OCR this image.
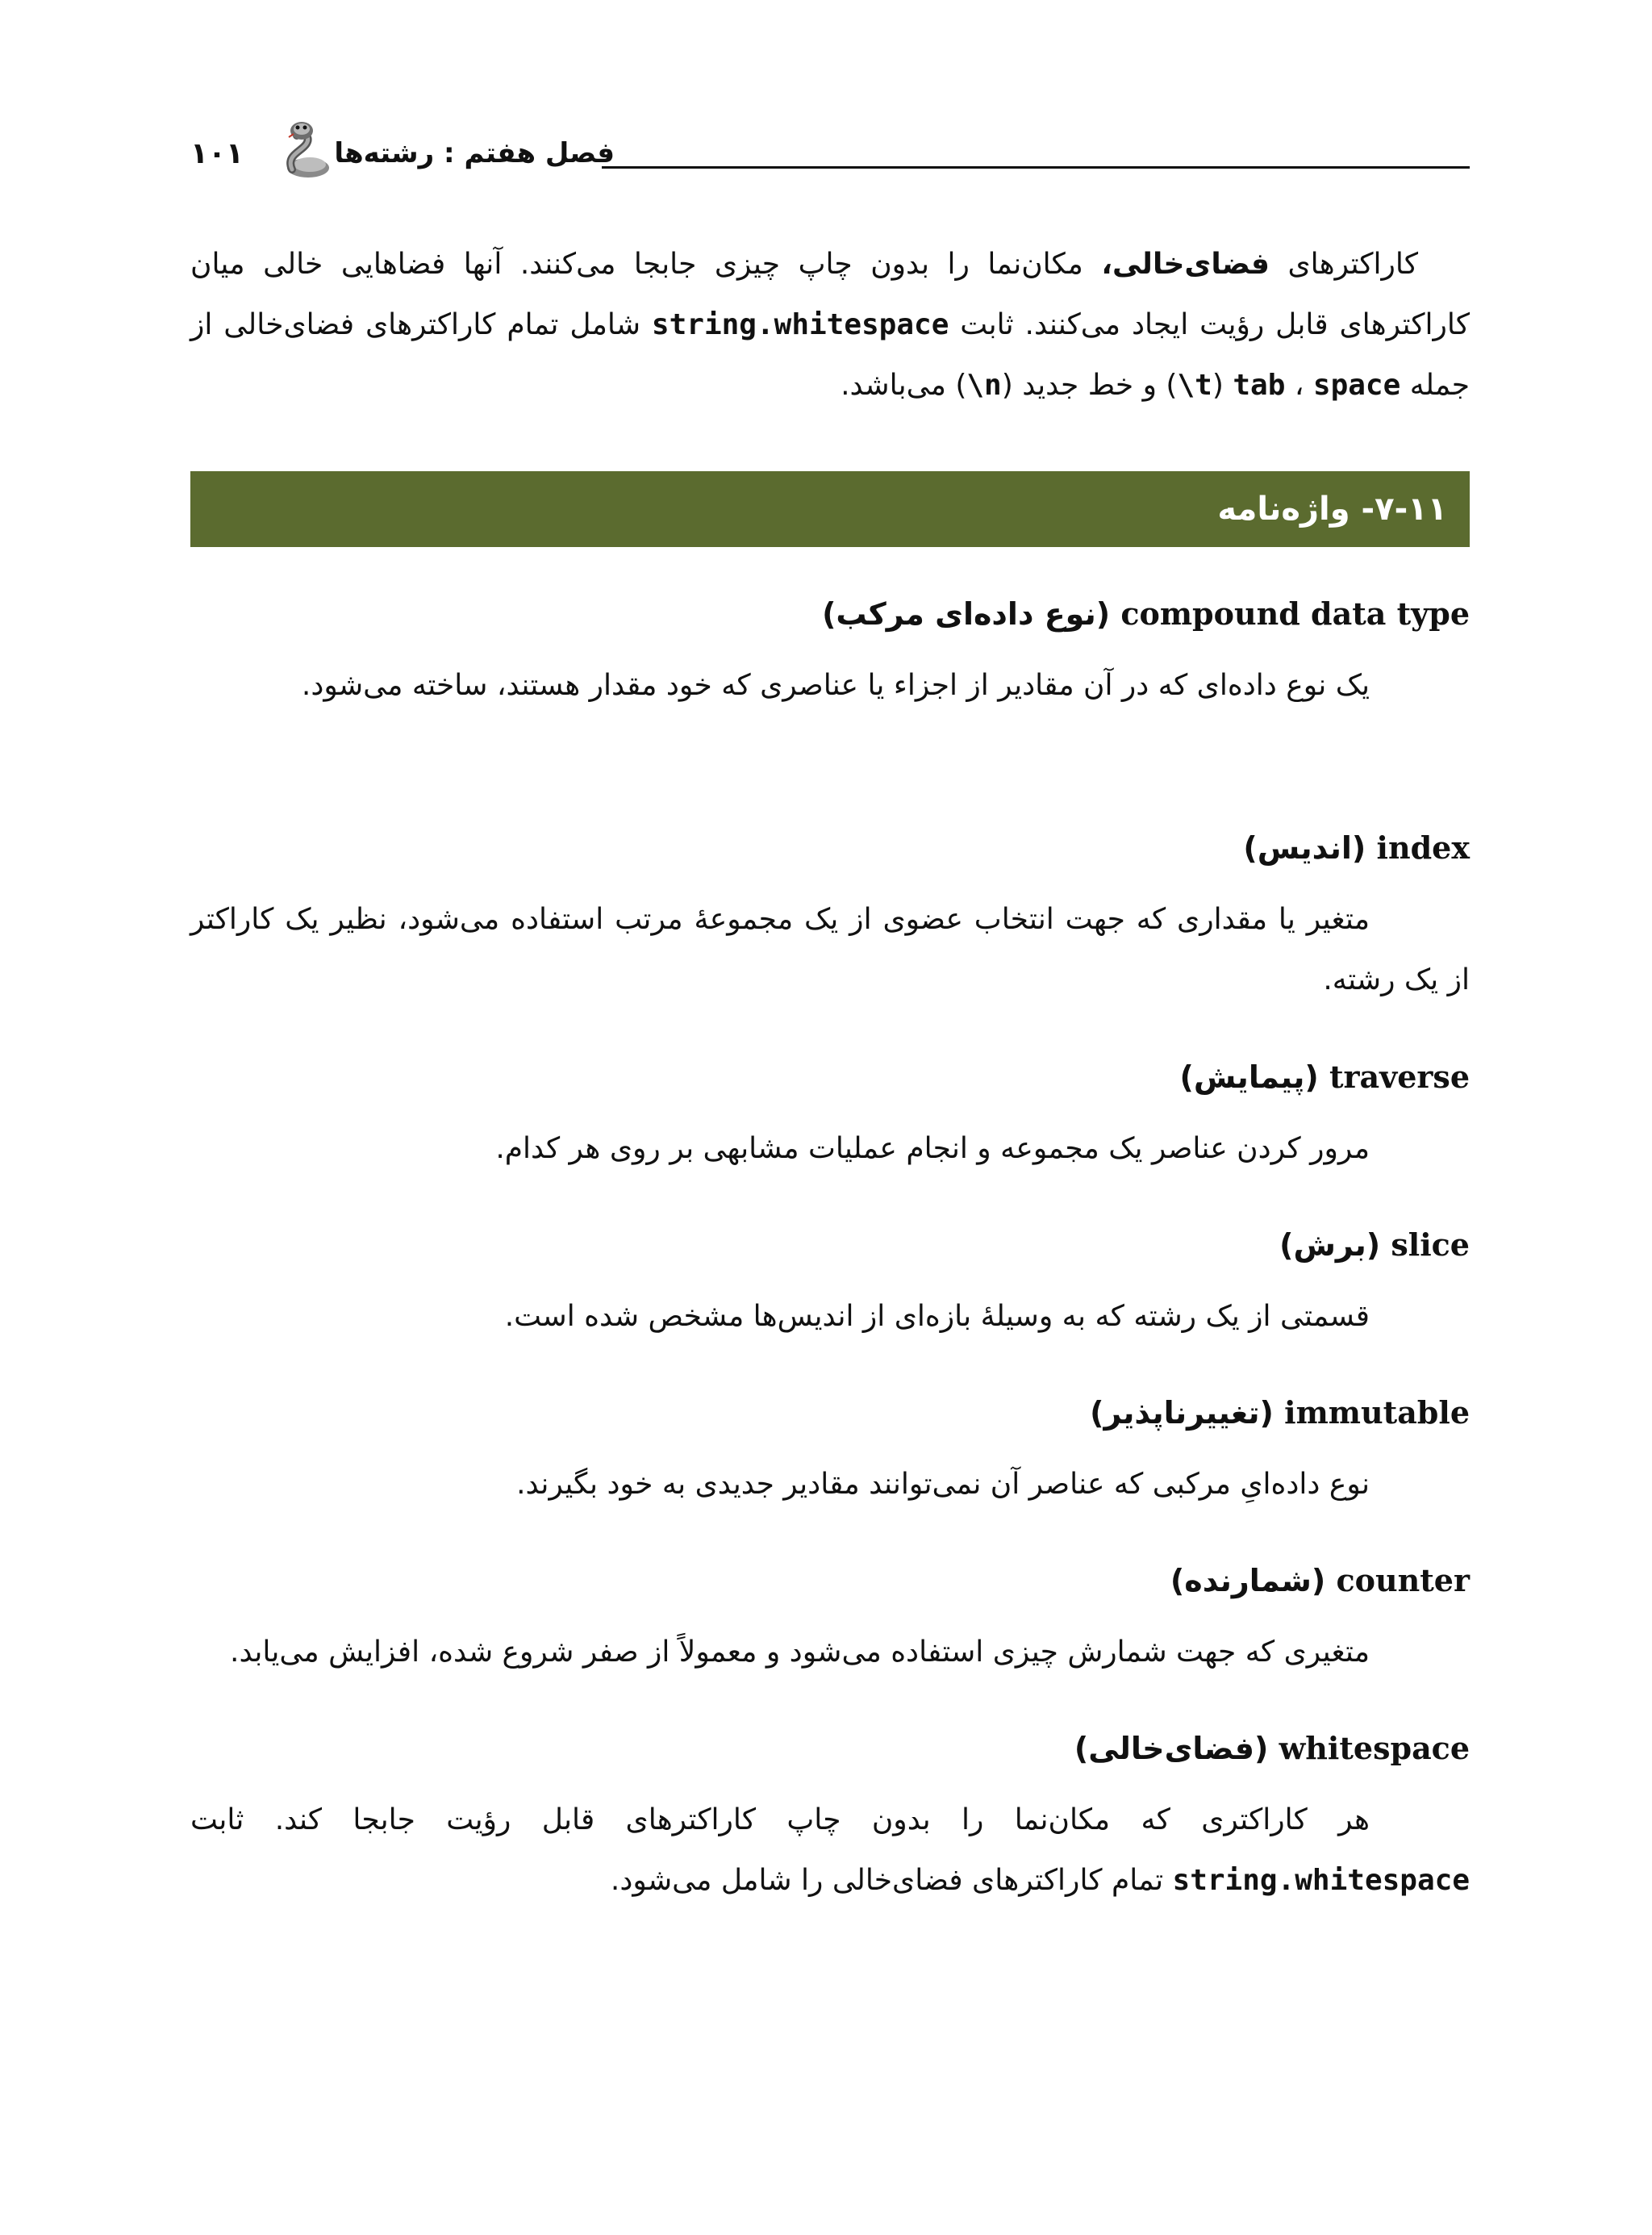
فصل هفتم : رشته‌ها
۱۰۱

کاراکترهای فضای‌خالی، مکان‌نما را بدون چاپ چیزی جابجا می‌کنند. آنها فضاهایی خالی میان کاراکترهای قابل رؤیت ایجاد می‌کنند. ثابت string.whitespace شامل تمام کاراکترهای فضای‌خالی از جمله space ، tab (\t) و خط جدید (\n) می‌باشد.

۷-۱۱- واژه‌نامه
compound data type (نوع داده‌ای مرکب)
یک نوع داده‌ای که در آن مقادیر از اجزاء یا عناصری که خود مقدار هستند، ساخته می‌شود.
index (اندیس)
متغیر یا مقداری که جهت انتخاب عضوی از یک مجموعهٔ مرتب استفاده می‌شود، نظیر یک کاراکتر از یک رشته.
traverse (پیمایش)
مرور کردن عناصر یک مجموعه و انجام عملیات مشابهی بر روی هر کدام.
slice (برش)
قسمتی از یک رشته که به وسیلهٔ بازه‌ای از اندیس‌ها مشخص شده است.
immutable (تغییرناپذیر)
نوع داده‌ایِ مرکبی که عناصر آن نمی‌توانند مقادیر جدیدی به خود بگیرند.
counter (شمارنده)
متغیری که جهت شمارش چیزی استفاده می‌شود و معمولاً از صفر شروع شده، افزایش می‌یابد.
whitespace (فضای‌خالی)
هر کاراکتری که مکان‌نما را بدون چاپ کاراکترهای قابل رؤیت جابجا کند. ثابت string.whitespace تمام کاراکترهای فضای‌خالی را شامل می‌شود.
